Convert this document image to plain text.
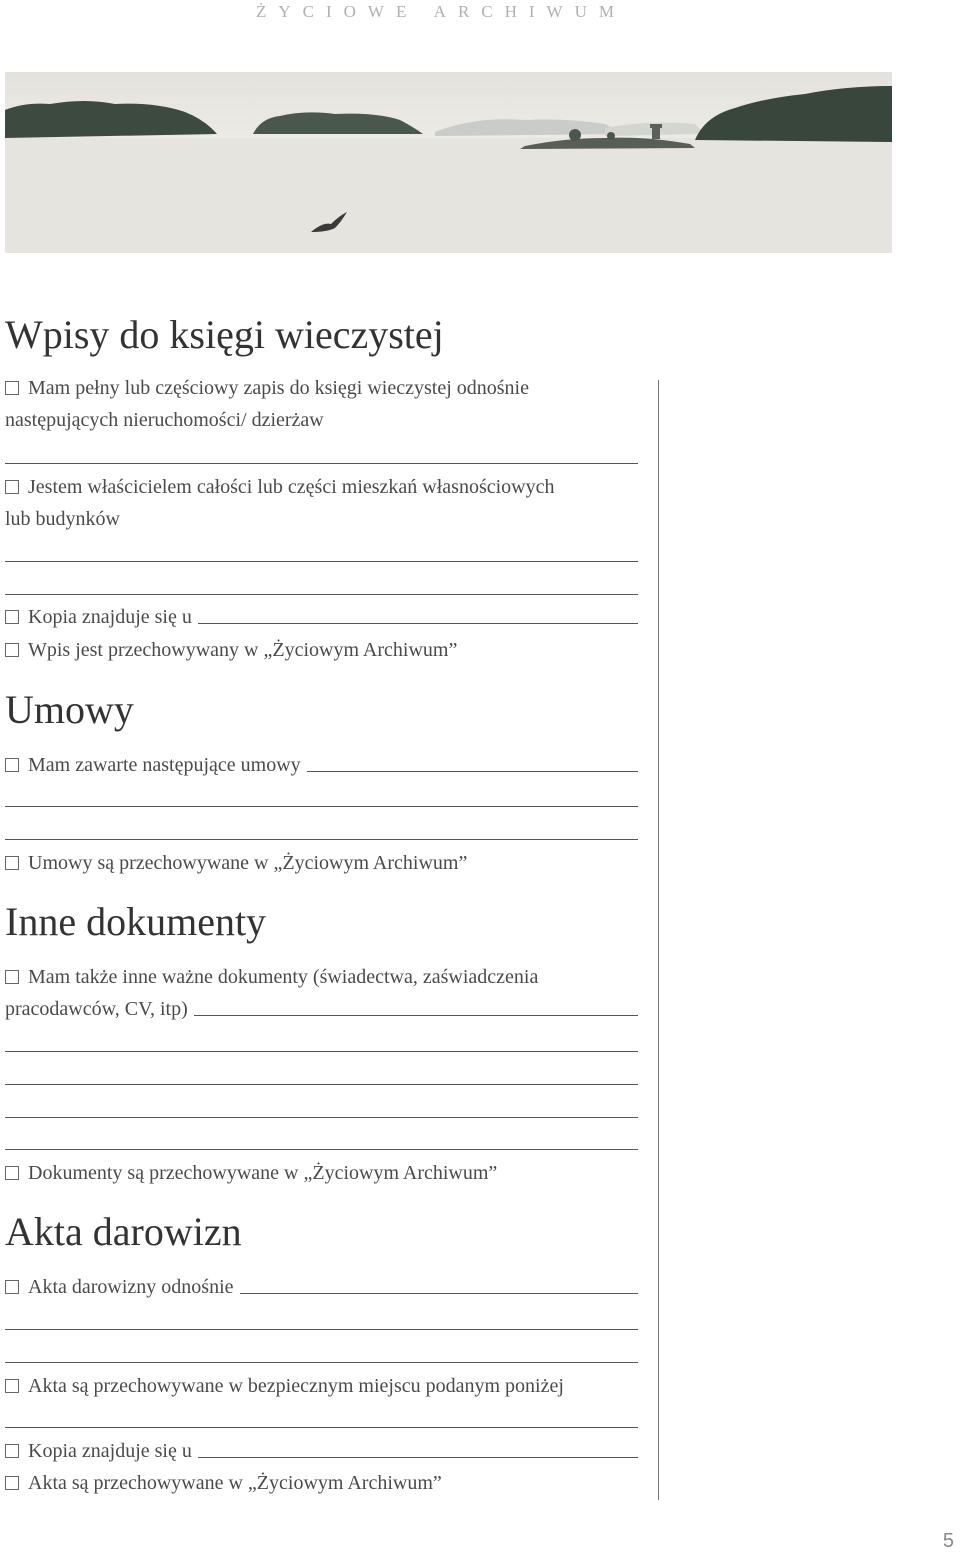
ŻYCIOWE ARCHIWUM
Wpisy do księgi wieczystej
Mam pełny lub częściowy zapis do księgi wieczystej odnośnie
następujących nieruchomości/ dzierżaw
Jestem właścicielem całości lub części mieszkań własnościowych
lub budynków
Kopia znajduje się u
Wpis jest przechowywany w „Życiowym Archiwum”
Umowy
Mam zawarte następujące umowy
Umowy są przechowywane w „Życiowym Archiwum”
Inne dokumenty
Mam także inne ważne dokumenty (świadectwa, zaświadczenia
pracodawców, CV, itp)
Dokumenty są przechowywane w „Życiowym Archiwum”
Akta darowizn
Akta darowizny odnośnie
Akta są przechowywane w bezpiecznym miejscu podanym poniżej
Kopia znajduje się u
Akta są przechowywane w „Życiowym Archiwum”
5
